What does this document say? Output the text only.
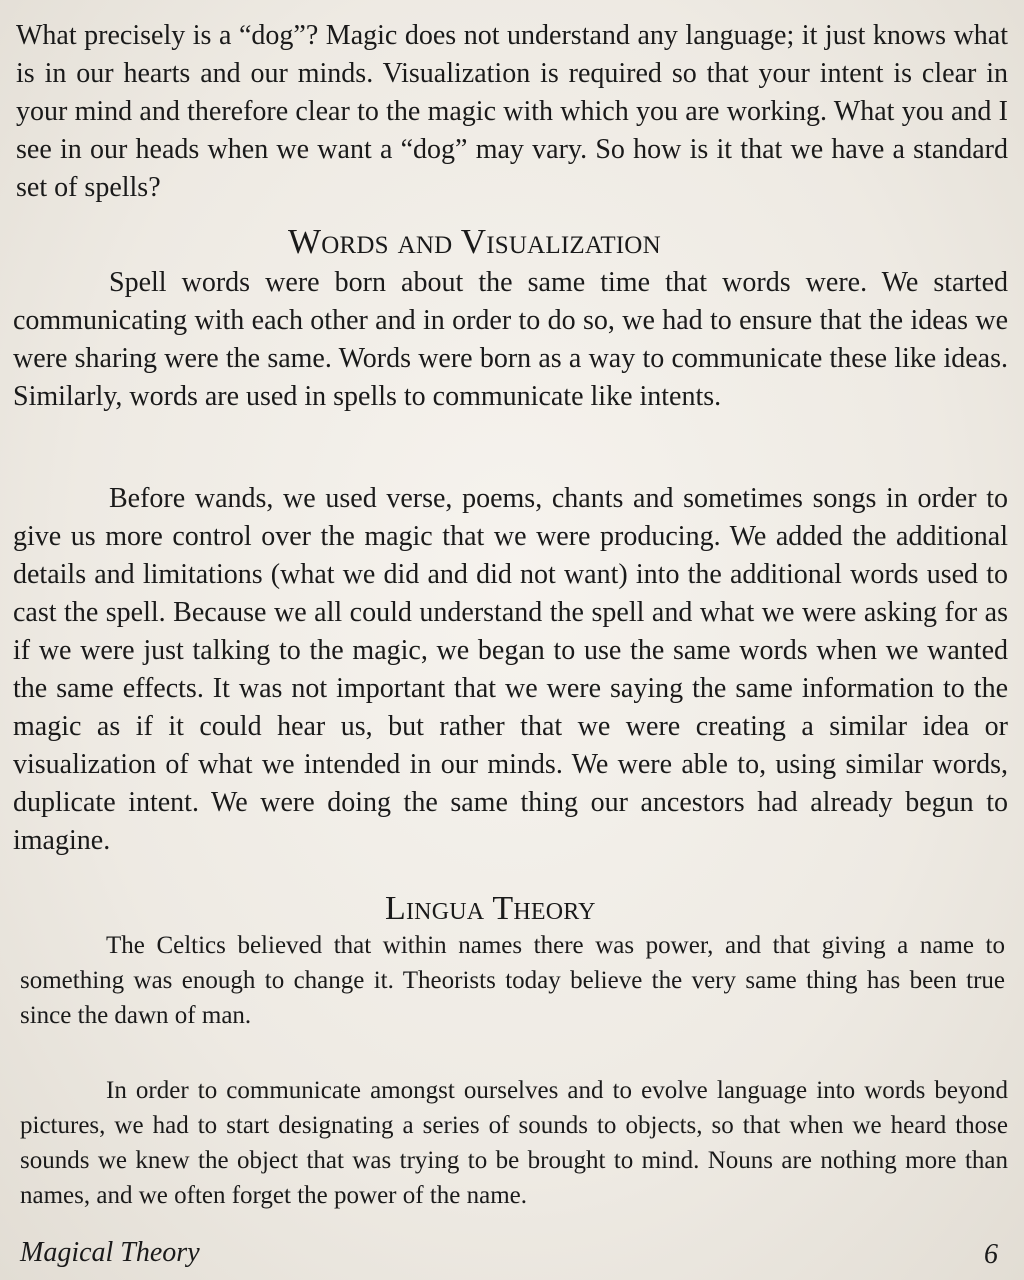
What precisely is a “dog”? Magic does not understand any language; it just knows what is in our hearts and our minds. Visualization is required so that your intent is clear in your mind and therefore clear to the magic with which you are working. What you and I see in our heads when we want a “dog” may vary. So how is it that we have a standard set of spells?

Words and Visualization

Spell words were born about the same time that words were. We started communicating with each other and in order to do so, we had to ensure that the ideas we were sharing were the same. Words were born as a way to communicate these like ideas. Similarly, words are used in spells to communicate like intents.

Before wands, we used verse, poems, chants and sometimes songs in order to give us more control over the magic that we were producing. We added the additional details and limitations (what we did and did not want) into the additional words used to cast the spell. Because we all could understand the spell and what we were asking for as if we were just talking to the magic, we began to use the same words when we wanted the same effects. It was not important that we were saying the same information to the magic as if it could hear us, but rather that we were creating a similar idea or visualization of what we intended in our minds. We were able to, using similar words, duplicate intent. We were doing the same thing our ancestors had already begun to imagine.

Lingua Theory

The Celtics believed that within names there was power, and that giving a name to something was enough to change it. Theorists today believe the very same thing has been true since the dawn of man.

In order to communicate amongst ourselves and to evolve language into words beyond pictures, we had to start designating a series of sounds to objects, so that when we heard those sounds we knew the object that was trying to be brought to mind. Nouns are nothing more than names, and we often forget the power of the name.

Magical Theory	6
